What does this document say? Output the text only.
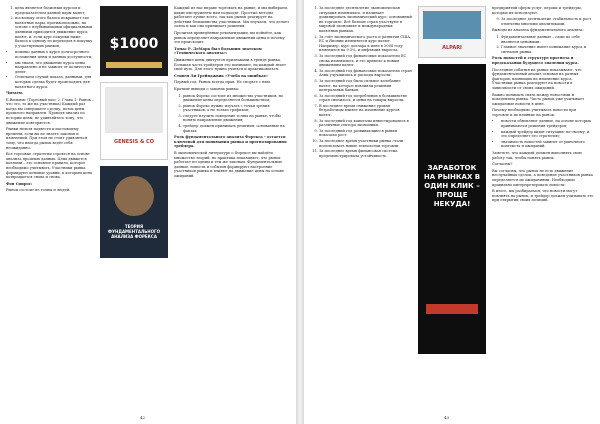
1. цена является базисным курсом и предсказателем данной пары валют;
2. поскольку этого базиса покрывает эти валютные пары, противоположно, на основе с неубывающими официальными данными приходится движение курса валют, и, если курс покупки ниже базиса к одному из переходов в покупку у участвующих рынков;
• помимо данных о курсе долгосрочного положения цены и данных доступности;
• мы знаем, что движение курса цены направлено и не зависит от количества денег.
• Отличаем случай показа, данными, для которых сделка будет происходить для валютного курса.

Читаем.

Б.Вильямс (Торговый хаос 2. Глава 1: Рынок – что это, то же на участника) Каждый раз когда вы совершаете сделку, поток цены прошлого направлен. Проводя анализ по истории цены, не удивляйтесь тому, что движение повторяется.

Рынки нельзя подвести к настоящему времени, если вы не знаете законов и изменений. При этом не стоит удивляться тому, что иногда рынок ведёт себя неожиданно.

Все торговые стратегии строятся на основе анализа прошлых данных. Цена движется волнами – это основное правило, которое необходимо учитывать. Участники рынка формируют ценовые уровни, к которым цена возвращается снова и снова.

Фон Спирос:

Рынок состоит из толпы и людей.

$1000
GENESIS & CO
ТЕОРИЯ ФУНДАМЕНТАЛЬНОГО АНАЛИЗА ФОРЕКСА

Каждый из нас вправе торговать на рынке, и мы выбираем, какие инструменты нам подходят. Простые методы работают лучше всего, так как рынок реагирует на действия большинства участников. Мы изучаем, что делает толпа и как она принимает решения.

Прочитав приведённые рекомендации, вы поймёте, как рынок определяет направление движения цены и почему это происходит.

Томас Р. ДеМарк был большим знатоком «Технического анализа»:

Движение цены диктуется признаками в тренде рынка. Большая часть трейдеров это понимают, но каждый знает свой путь. Для этого нужно учиться и практиковаться.

Стивен Ли Грейнджвик «Учеба на ошибках»

Первый год: Рынок всегда прав. Не спорьте с ним.

Краткие выводы о законах рынка:

1. рынок Форекс состоит из множества участников, но движение цены определяется большинством;
2. рынок Форекс нужно изучать с точки зрения участников, а не только графиков;
3. следует изучить поведение толпы на рынке, чтобы понять направление движения;
4. трейдер должен принимать решения, основанные на фактах.

Роль фундаментального анализа Форекса – остается ключевой для понимания рынка и прогнозирования трейдера.

В экономической литературе о Форексе вы найдёте множество теорий, но практика показывает, что рынок работает по одним и тем же законам. Фундаментальные данные, новости и события формируют настроение участников рынка и влияют на движение цены на основе ожиданий.

42
1. За последнее десятилетие экономическая ситуация изменилась, и начинает доминировать экономический курс, основанный на торговле. Всё больше стран участвуют в мировой экономике и международных валютных рынках.
2. За счёт экономического роста и развития США, ЕС и Японии изменяется курс валют. Например, курс доллара к иене в 2008 году изменился на 9.5%, и инфляция выросла.
3. За последний год финансовые показатели ЕС снова изменились, и это привело к новым движениям валют.
4. За последний год финансовые показатели стран Азии улучшились и расходы выросли.
5. За последний год было сильное колебание валют, на которое повлияли решения центральных банков.
6. За последний год потребление в большинстве стран снизилось, и цены на товары выросли.
7. В последнее время снижение уровня безработицы влияет на изменение курсов валют.
8. За последний год капиталы инвестировались в различные сектора экономики.
9. За последний год развивающиеся рынки показали рост.
10. За последнее время участники рынка стали использовать новые технологии торговли.
11. За последнее время финансовая система продемонстрировала устойчивость.
ALPARI
ЗАРАБОТОК НА РЫНКАХ В ОДИН КЛИК – ПРОЩЕ НЕКУДА!

предприятий сферы услуг, игроки и трейдеры, которые их используют.

9. За последнее десятилетие стабильность и рост отмечены многими аналитиками.

Выводы из анализа фундаментального анализа:

1. Фундаментальные данные – сами по себе являются ценовыми.
2. Главное значение имеет понимание курса и сигналов рынка.

Роль новостей в структуре прогноза и предсказания будущего значения курса.

Последние события на рынке показывают, что фундаментальный анализ основан на разных факторах, влияющих на изменение курса. Участники рынка реагируют на новости в зависимости от своих ожиданий.

Важно понимать связь между новостями и поведением рынка. Часто рынок уже учитывает ожидаемые новости в цене.

Почему необходимо учитывать новости при торговле и их влияние на рынок:

• новости обновляют данные, на основе которых принимаются решения трейдеров;
• каждый трейдер видит ситуацию по-своему, и это определяет его стратегию;
• значимость новостей зависит от рыночного контекста и ожиданий.

Заметьте, что каждый должен выполнять свою работу так, чтобы понять рынок.

Согласны?

Вы согласны, что рынок не есть движение неслучайных сделок, а поведение участников рынка определяется их ожиданиями. Необходимо правильно интерпретировать новости.

В итоге, мы разбираемся, что новости могут повлиять на рынок, и трейдер должен учитывать это при открытии своих позиций.

43
